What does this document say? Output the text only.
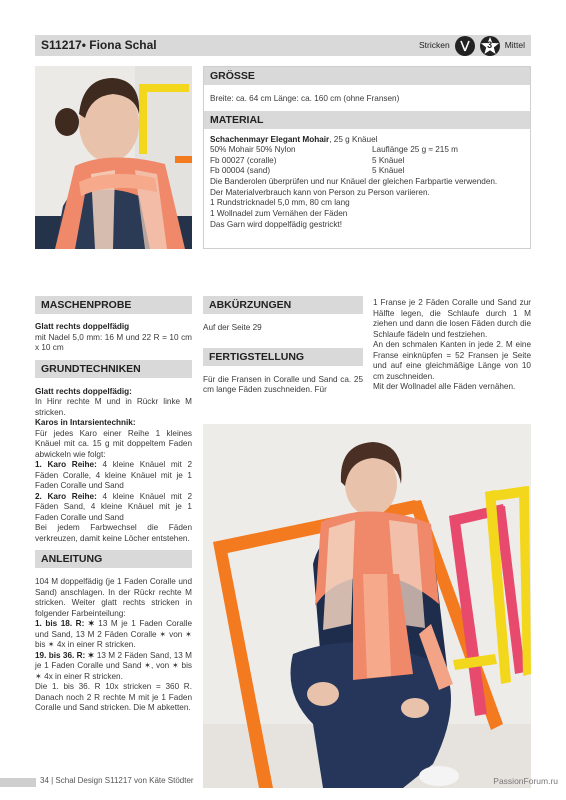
S11217• Fiona Schal	Stricken	3 Mittel
GRÖSSE
Breite: ca. 64 cm Länge: ca. 160 cm (ohne Fransen)
MATERIAL
Schachenmayr Elegant Mohair, 25 g Knäuel
50% Mohair 50% Nylon	Lauflänge 25 g ≈ 215 m
Fb 00027 (coralle)	5 Knäuel
Fb 00004 (sand)	5 Knäuel
Die Banderolen überprüfen und nur Knäuel der gleichen Farbpartie verwenden.
Der Materialverbrauch kann von Person zu Person variieren.
1 Rundstricknadel 5,0 mm, 80 cm lang
1 Wollnadel zum Vernähen der Fäden
Das Garn wird doppelfädig gestrickt!
MASCHENPROBE

Glatt rechts doppelfädig

mit Nadel 5,0 mm: 16 M und 22 R = 10 cm x 10 cm

GRUNDTECHNIKEN

Glatt rechts doppelfädig:

In Hinr rechte M und in Rückr linke M stricken.

Karos in Intarsientechnik:

Für jedes Karo einer Reihe 1 kleines Knäuel mit ca. 15 g mit doppeltem Faden abwickeln wie folgt:

1. Karo Reihe: 4 kleine Knäuel mit 2 Fäden Coralle, 4 kleine Knäuel mit je 1 Faden Coralle und Sand

2. Karo Reihe: 4 kleine Knäuel mit 2 Fäden Sand, 4 kleine Knäuel mit je 1 Faden Coralle und Sand

Bei jedem Farbwechsel die Fäden verkreuzen, damit keine Löcher entstehen.

ANLEITUNG

104 M doppelfädig (je 1 Faden Coralle und Sand) anschlagen. In der Rückr rechte M stricken. Weiter glatt rechts stricken in folgender Farbeinteilung:

1. bis 18. R: ✶ 13 M je 1 Faden Coralle und Sand, 13 M 2 Fäden Coralle ✶ von ✶ bis ✶ 4x in einer R stricken.

19. bis 36. R: ✶ 13 M 2 Fäden Sand, 13 M je 1 Faden Coralle und Sand ✶, von ✶ bis ✶ 4x in einer R stricken.

Die 1. bis 36. R 10x stricken = 360 R. Danach noch 2 R rechte M mit je 1 Faden Coralle und Sand stricken. Die M abketten.

ABKÜRZUNGEN

Auf der Seite 29

FERTIGSTELLUNG

Für die Fransen in Coralle und Sand ca. 25 cm lange Fäden zuschneiden. Für

1 Franse je 2 Fäden Coralle und Sand zur Hälfte legen, die Schlaufe durch 1 M ziehen und dann die losen Fäden durch die Schlaufe fädeln und festziehen.

An den schmalen Kanten in jede 2. M eine Franse einknüpfen = 52 Fransen je Seite und auf eine gleichmäßige Länge von 10 cm zuschneiden.

Mit der Wollnadel alle Fäden vernähen.

34 | Schal Design S11217 von Käte Stödter	PassionForum.ru
